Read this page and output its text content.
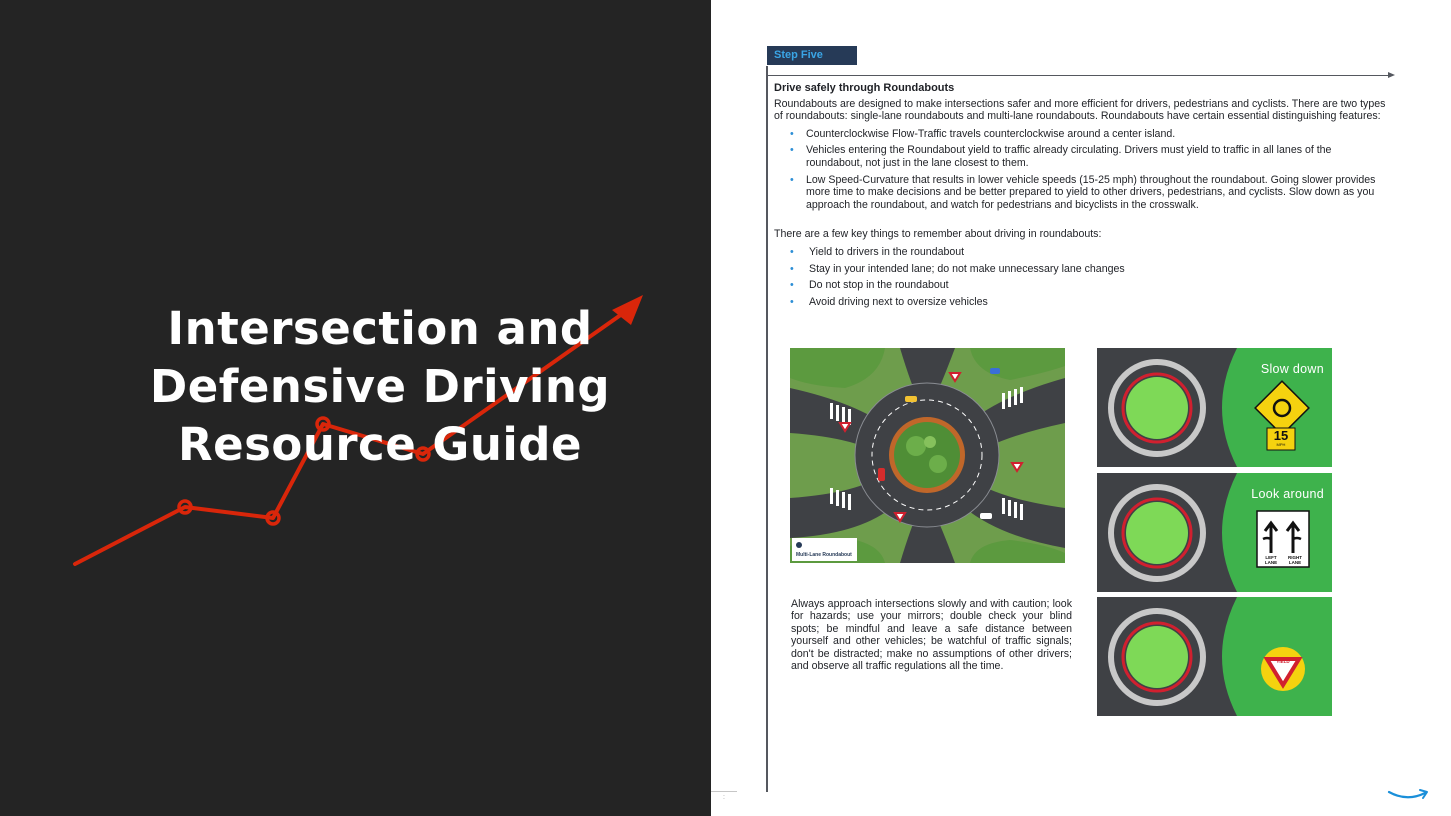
Intersection and
Defensive Driving
Resource Guide
Step Five

Drive safely through Roundabouts

Roundabouts are designed to make intersections safer and more efficient for drivers, pedestrians and cyclists. There are two types of roundabouts: single-lane roundabouts and multi-lane roundabouts. Roundabouts have certain essential distinguishing features:

• Counterclockwise Flow-Traffic travels counterclockwise around a center island.
• Vehicles entering the Roundabout yield to traffic already circulating. Drivers must yield to traffic in all lanes of the roundabout, not just in the lane closest to them.
• Low Speed-Curvature that results in lower vehicle speeds (15-25 mph) throughout the roundabout. Going slower provides more time to make decisions and be better prepared to yield to other drivers, pedestrians, and cyclists. Slow down as you approach the roundabout, and watch for pedestrians and bicyclists in the crosswalk.

There are a few key things to remember about driving in roundabouts:

• Yield to drivers in the roundabout
• Stay in your intended lane; do not make unnecessary lane changes
• Do not stop in the roundabout
• Avoid driving next to oversize vehicles
Multi-Lane Roundabout
Slow down
15
MPH
Look around
LEFT LANE
RIGHT LANE
YIELD

Always approach intersections slowly and with caution; look for hazards; use your mirrors; double check your blind spots; be mindful and leave a safe distance between yourself and other vehicles; be watchful of traffic signals; don't be distracted; make no assumptions of other drivers; and observe all traffic regulations all the time.

:
